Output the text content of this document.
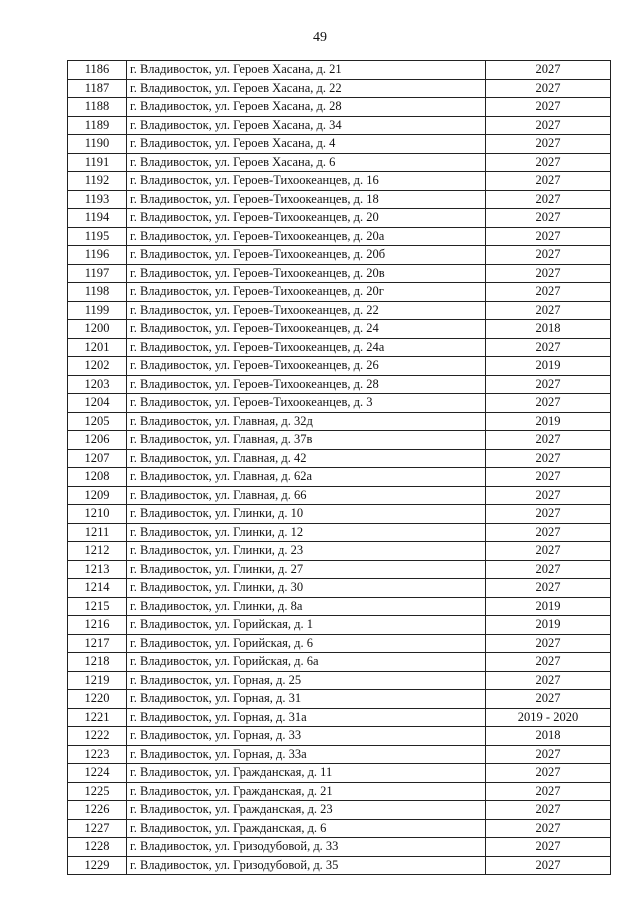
49
1186	г. Владивосток, ул. Героев Хасана, д. 21	2027
1187	г. Владивосток, ул. Героев Хасана, д. 22	2027
1188	г. Владивосток, ул. Героев Хасана, д. 28	2027
1189	г. Владивосток, ул. Героев Хасана, д. 34	2027
1190	г. Владивосток, ул. Героев Хасана, д. 4	2027
1191	г. Владивосток, ул. Героев Хасана, д. 6	2027
1192	г. Владивосток, ул. Героев-Тихоокеанцев, д. 16	2027
1193	г. Владивосток, ул. Героев-Тихоокеанцев, д. 18	2027
1194	г. Владивосток, ул. Героев-Тихоокеанцев, д. 20	2027
1195	г. Владивосток, ул. Героев-Тихоокеанцев, д. 20а	2027
1196	г. Владивосток, ул. Героев-Тихоокеанцев, д. 20б	2027
1197	г. Владивосток, ул. Героев-Тихоокеанцев, д. 20в	2027
1198	г. Владивосток, ул. Героев-Тихоокеанцев, д. 20г	2027
1199	г. Владивосток, ул. Героев-Тихоокеанцев, д. 22	2027
1200	г. Владивосток, ул. Героев-Тихоокеанцев, д. 24	2018
1201	г. Владивосток, ул. Героев-Тихоокеанцев, д. 24а	2027
1202	г. Владивосток, ул. Героев-Тихоокеанцев, д. 26	2019
1203	г. Владивосток, ул. Героев-Тихоокеанцев, д. 28	2027
1204	г. Владивосток, ул. Героев-Тихоокеанцев, д. 3	2027
1205	г. Владивосток, ул. Главная, д. 32д	2019
1206	г. Владивосток, ул. Главная, д. 37в	2027
1207	г. Владивосток, ул. Главная, д. 42	2027
1208	г. Владивосток, ул. Главная, д. 62а	2027
1209	г. Владивосток, ул. Главная, д. 66	2027
1210	г. Владивосток, ул. Глинки, д. 10	2027
1211	г. Владивосток, ул. Глинки, д. 12	2027
1212	г. Владивосток, ул. Глинки, д. 23	2027
1213	г. Владивосток, ул. Глинки, д. 27	2027
1214	г. Владивосток, ул. Глинки, д. 30	2027
1215	г. Владивосток, ул. Глинки, д. 8а	2019
1216	г. Владивосток, ул. Горийская, д. 1	2019
1217	г. Владивосток, ул. Горийская, д. 6	2027
1218	г. Владивосток, ул. Горийская, д. 6а	2027
1219	г. Владивосток, ул. Горная, д. 25	2027
1220	г. Владивосток, ул. Горная, д. 31	2027
1221	г. Владивосток, ул. Горная, д. 31а	2019 - 2020
1222	г. Владивосток, ул. Горная, д. 33	2018
1223	г. Владивосток, ул. Горная, д. 33а	2027
1224	г. Владивосток, ул. Гражданская, д. 11	2027
1225	г. Владивосток, ул. Гражданская, д. 21	2027
1226	г. Владивосток, ул. Гражданская, д. 23	2027
1227	г. Владивосток, ул. Гражданская, д. 6	2027
1228	г. Владивосток, ул. Гризодубовой, д. 33	2027
1229	г. Владивосток, ул. Гризодубовой, д. 35	2027
